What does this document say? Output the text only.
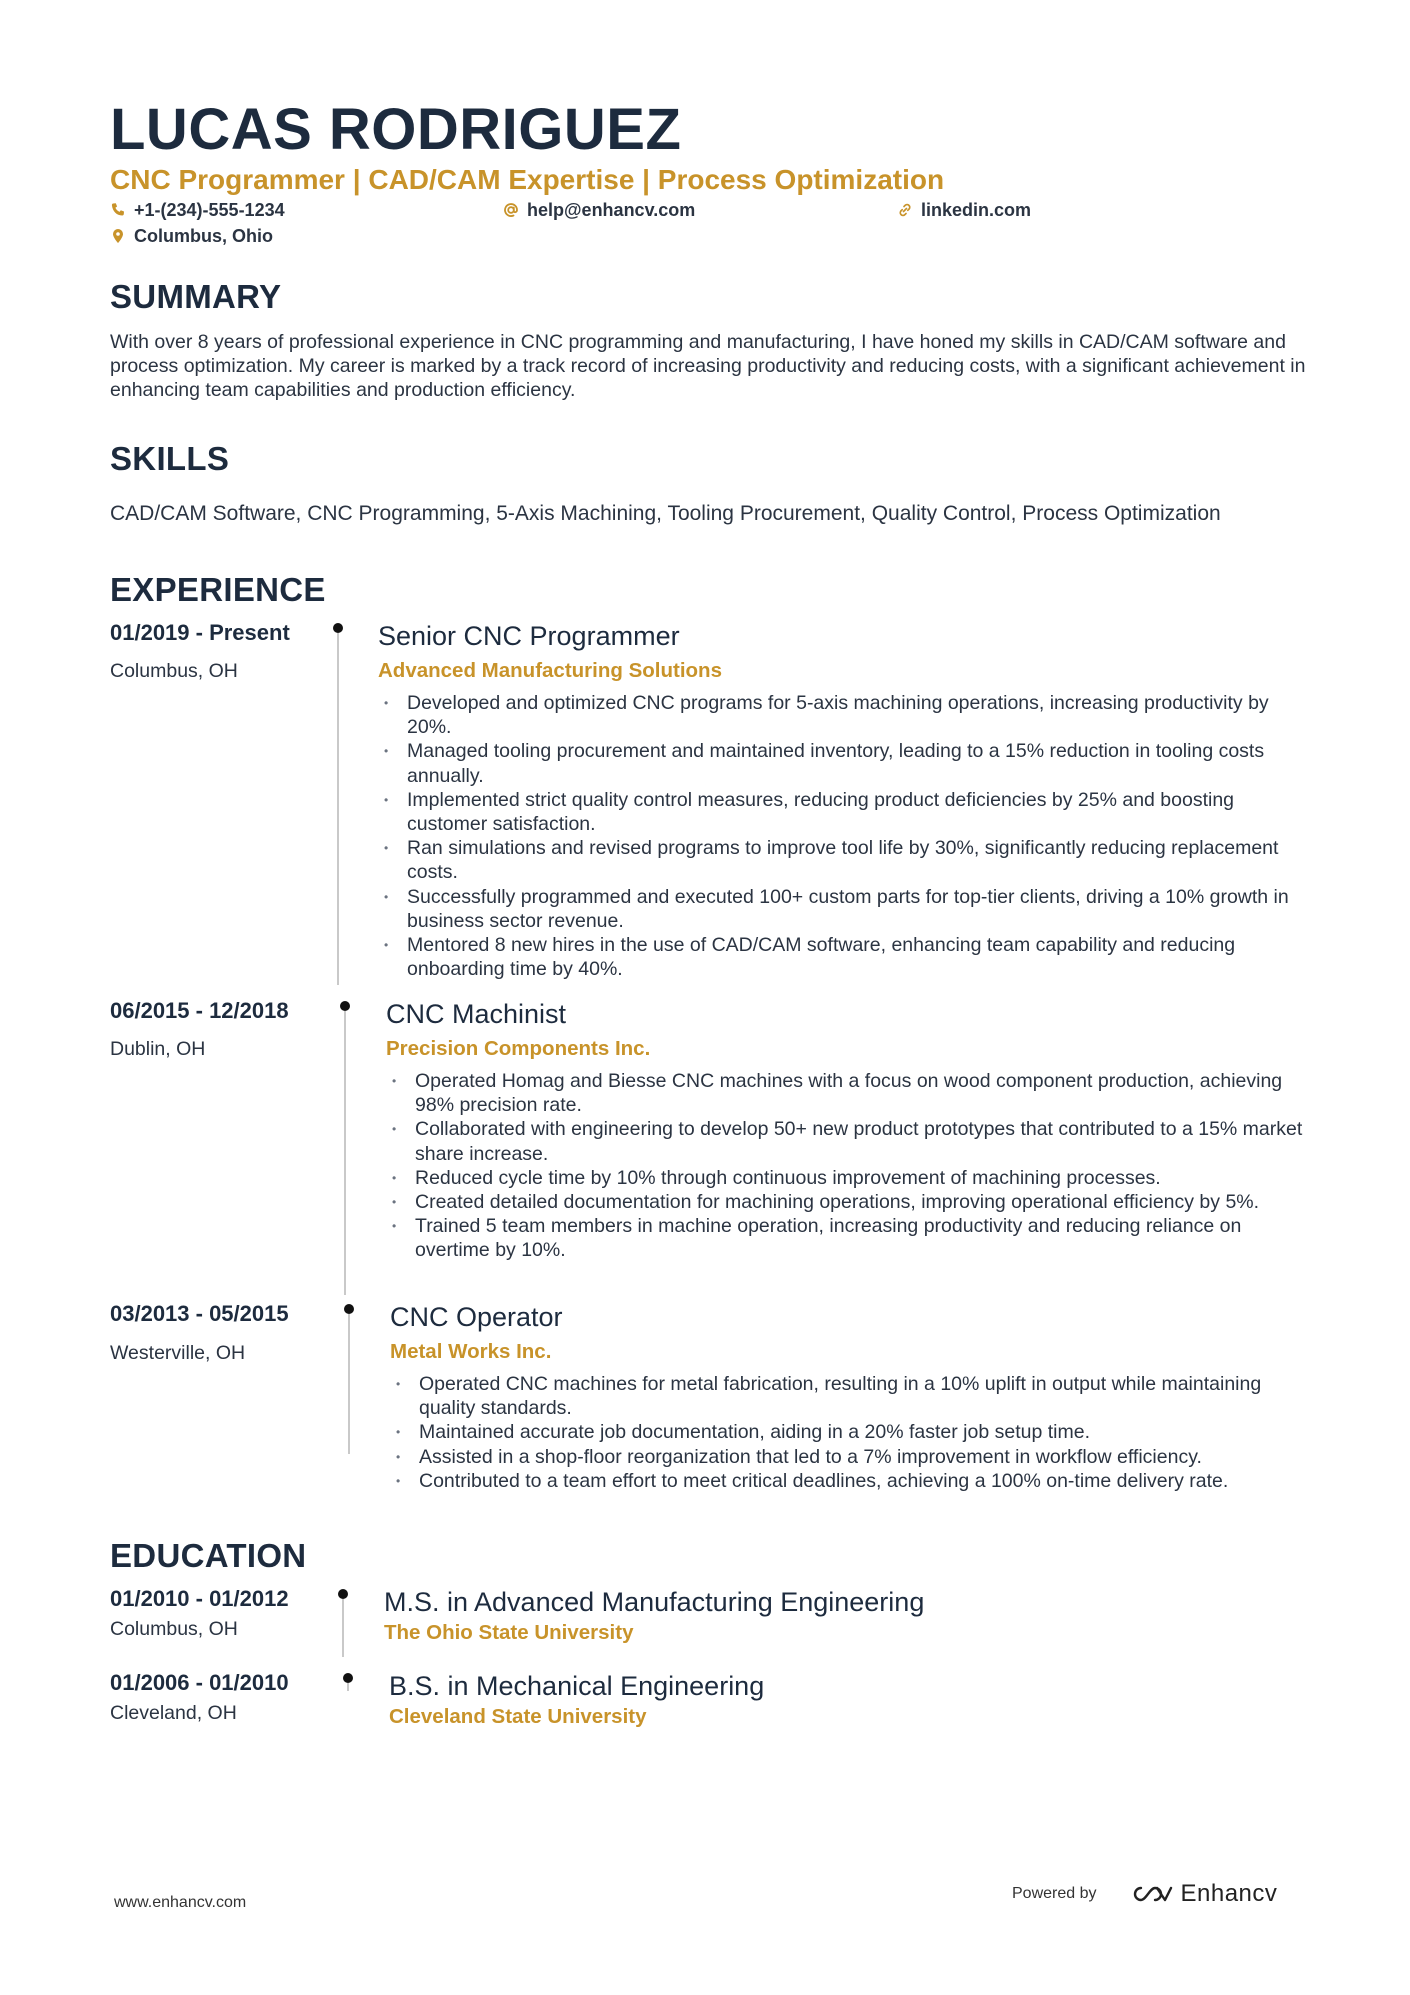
LUCAS RODRIGUEZ
CNC Programmer | CAD/CAM Expertise | Process Optimization
+1-(234)-555-1234	help@enhancv.com	linkedin.com
Columbus, Ohio
SUMMARY
With over 8 years of professional experience in CNC programming and manufacturing, I have honed my skills in CAD/CAM software and process optimization. My career is marked by a track record of increasing productivity and reducing costs, with a significant achievement in enhancing team capabilities and production efficiency.
SKILLS
CAD/CAM Software, CNC Programming, 5-Axis Machining, Tooling Procurement, Quality Control, Process Optimization
EXPERIENCE
01/2019 - Present
Columbus, OH
Senior CNC Programmer
Advanced Manufacturing Solutions
• Developed and optimized CNC programs for 5-axis machining operations, increasing productivity by 20%.
• Managed tooling procurement and maintained inventory, leading to a 15% reduction in tooling costs annually.
• Implemented strict quality control measures, reducing product deficiencies by 25% and boosting customer satisfaction.
• Ran simulations and revised programs to improve tool life by 30%, significantly reducing replacement costs.
• Successfully programmed and executed 100+ custom parts for top-tier clients, driving a 10% growth in business sector revenue.
• Mentored 8 new hires in the use of CAD/CAM software, enhancing team capability and reducing onboarding time by 40%.
06/2015 - 12/2018
Dublin, OH
CNC Machinist
Precision Components Inc.
• Operated Homag and Biesse CNC machines with a focus on wood component production, achieving 98% precision rate.
• Collaborated with engineering to develop 50+ new product prototypes that contributed to a 15% market share increase.
• Reduced cycle time by 10% through continuous improvement of machining processes.
• Created detailed documentation for machining operations, improving operational efficiency by 5%.
• Trained 5 team members in machine operation, increasing productivity and reducing reliance on overtime by 10%.
03/2013 - 05/2015
Westerville, OH
CNC Operator
Metal Works Inc.
• Operated CNC machines for metal fabrication, resulting in a 10% uplift in output while maintaining quality standards.
• Maintained accurate job documentation, aiding in a 20% faster job setup time.
• Assisted in a shop-floor reorganization that led to a 7% improvement in workflow efficiency.
• Contributed to a team effort to meet critical deadlines, achieving a 100% on-time delivery rate.
EDUCATION
01/2010 - 01/2012
Columbus, OH
M.S. in Advanced Manufacturing Engineering
The Ohio State University
01/2006 - 01/2010
Cleveland, OH
B.S. in Mechanical Engineering
Cleveland State University
www.enhancv.com
Powered by	Enhancv
